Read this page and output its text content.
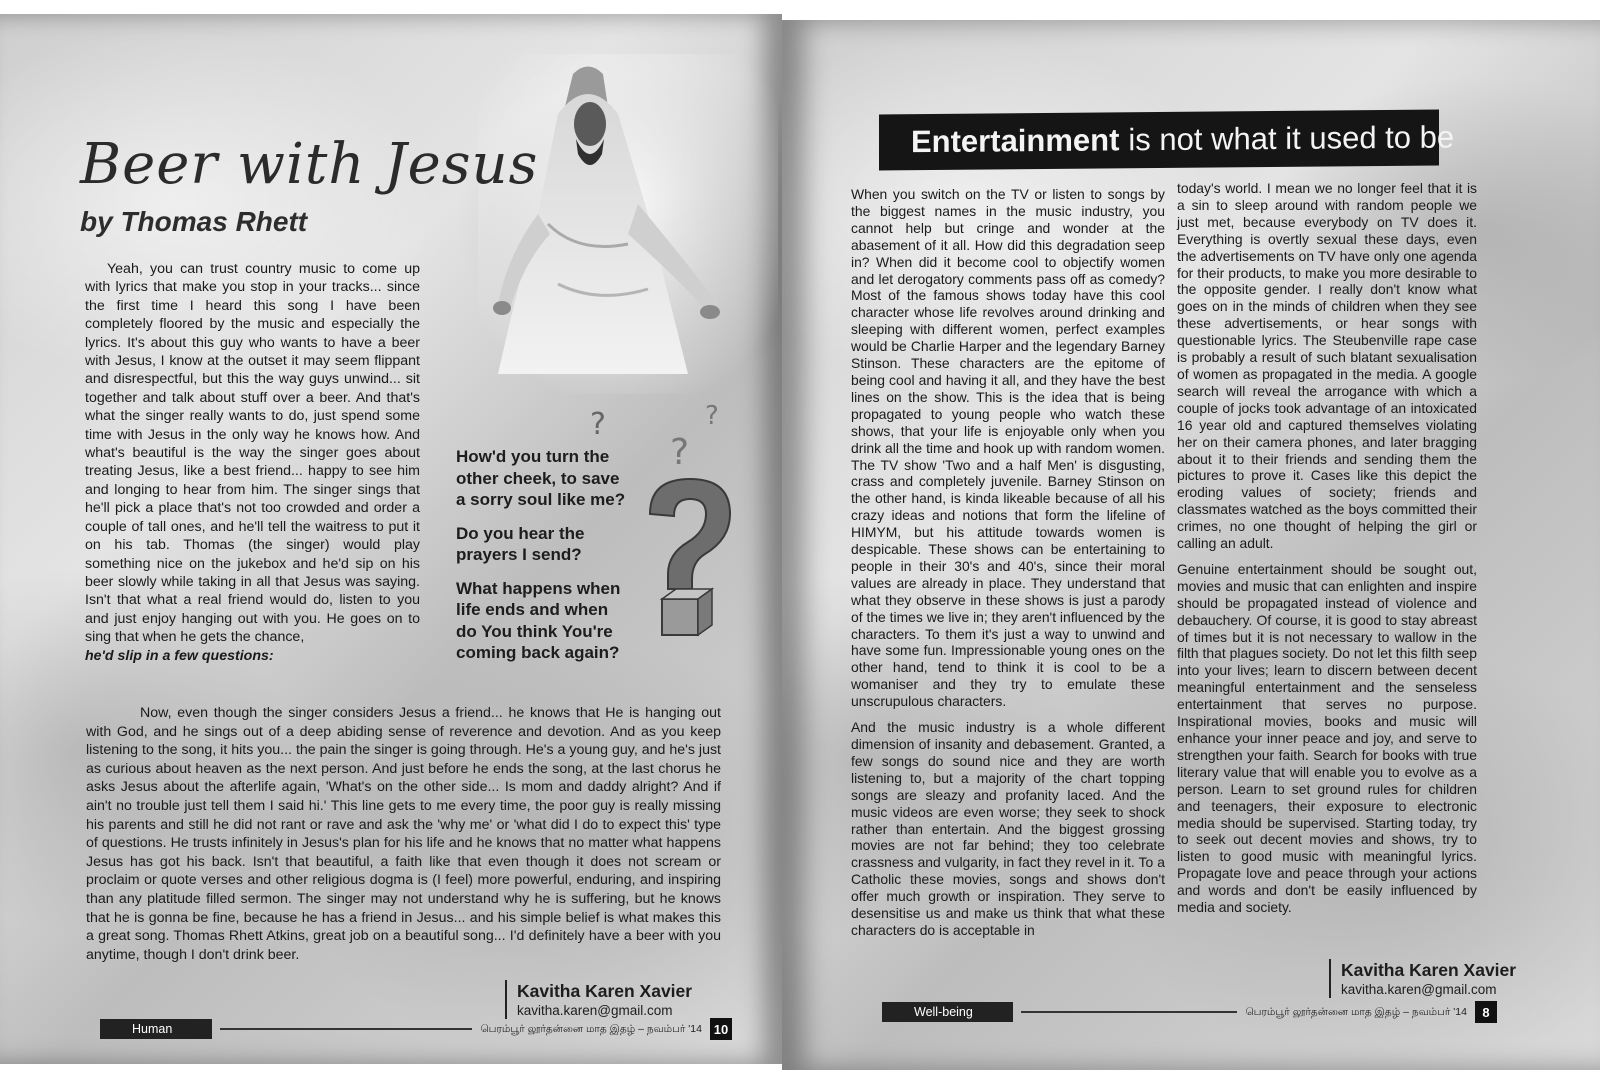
Beer with Jesus
by Thomas Rhett
Yeah, you can trust country music to come up with lyrics that make you stop in your tracks... since the first time I heard this song I have been completely floored by the music and especially the lyrics. It's about this guy who wants to have a beer with Jesus, I know at the outset it may seem flippant and disrespectful, but this the way guys unwind... sit together and talk about stuff over a beer. And that's what the singer really wants to do, just spend some time with Jesus in the only way he knows how. And what's beautiful is the way the singer goes about treating Jesus, like a best friend... happy to see him and longing to hear from him. The singer sings that he'll pick a place that's not too crowded and order a couple of tall ones, and he'll tell the waitress to put it on his tab. Thomas (the singer) would play something nice on the jukebox and he'd sip on his beer slowly while taking in all that Jesus was saying. Isn't that what a real friend would do, listen to you and just enjoy hanging out with you. He goes on to sing that when he gets the chance,
he'd slip in a few questions:

How'd you turn the other cheek, to save a sorry soul like me?

Do you hear the prayers I send?

What happens when life ends and when do You think You're coming back again?

?
?
?
Now, even though the singer considers Jesus a friend... he knows that He is hanging out with God, and he sings out of a deep abiding sense of reverence and devotion. And as you keep listening to the song, it hits you... the pain the singer is going through. He's a young guy, and he's just as curious about heaven as the next person. And just before he ends the song, at the last chorus he asks Jesus about the afterlife again, 'What's on the other side... Is mom and daddy alright? And if ain't no trouble just tell them I said hi.' This line gets to me every time, the poor guy is really missing his parents and still he did not rant or rave and ask the 'why me' or 'what did I do to expect this' type of questions. He trusts infinitely in Jesus's plan for his life and he knows that no matter what happens Jesus has got his back. Isn't that beautiful, a faith like that even though it does not scream or proclaim or quote verses and other religious dogma is (I feel) more powerful, enduring, and inspiring than any platitude filled sermon. The singer may not understand why he is suffering, but he knows that he is gonna be fine, because he has a friend in Jesus... and his simple belief is what makes this a great song. Thomas Rhett Atkins, great job on a beautiful song... I'd definitely have a beer with you anytime, though I don't drink beer.
Kavitha Karen Xavier
kavitha.karen@gmail.com
Human	பெரம்பூர் லூர்தன்னை மாத இதழ் – நவம்பர் '14 10
Entertainment is not what it used to be

When you switch on the TV or listen to songs by the biggest names in the music industry, you cannot help but cringe and wonder at the abasement of it all. How did this degradation seep in? When did it become cool to objectify women and let derogatory comments pass off as comedy? Most of the famous shows today have this cool character whose life revolves around drinking and sleeping with different women, perfect examples would be Charlie Harper and the legendary Barney Stinson. These characters are the epitome of being cool and having it all, and they have the best lines on the show. This is the idea that is being propagated to young people who watch these shows, that your life is enjoyable only when you drink all the time and hook up with random women. The TV show 'Two and a half Men' is disgusting, crass and completely juvenile. Barney Stinson on the other hand, is kinda likeable because of all his crazy ideas and notions that form the lifeline of HIMYM, but his attitude towards women is despicable. These shows can be entertaining to people in their 30's and 40's, since their moral values are already in place. They understand that what they observe in these shows is just a parody of the times we live in; they aren't influenced by the characters. To them it's just a way to unwind and have some fun. Impressionable young ones on the other hand, tend to think it is cool to be a womaniser and they try to emulate these unscrupulous characters.

And the music industry is a whole different dimension of insanity and debasement. Granted, a few songs do sound nice and they are worth listening to, but a majority of the chart topping songs are sleazy and profanity laced. And the music videos are even worse; they seek to shock rather than entertain. And the biggest grossing movies are not far behind; they too celebrate crassness and vulgarity, in fact they revel in it. To a Catholic these movies, songs and shows don't offer much growth or inspiration. They serve to desensitise us and make us think that what these characters do is acceptable in

today's world. I mean we no longer feel that it is a sin to sleep around with random people we just met, because everybody on TV does it. Everything is overtly sexual these days, even the advertisements on TV have only one agenda for their products, to make you more desirable to the opposite gender. I really don't know what goes on in the minds of children when they see these advertisements, or hear songs with questionable lyrics. The Steubenville rape case is probably a result of such blatant sexualisation of women as propagated in the media. A google search will reveal the arrogance with which a couple of jocks took advantage of an intoxicated 16 year old and captured themselves violating her on their camera phones, and later bragging about it to their friends and sending them the pictures to prove it. Cases like this depict the eroding values of society; friends and classmates watched as the boys committed their crimes, no one thought of helping the girl or calling an adult.

Genuine entertainment should be sought out, movies and music that can enlighten and inspire should be propagated instead of violence and debauchery. Of course, it is good to stay abreast of times but it is not necessary to wallow in the filth that plagues society. Do not let this filth seep into your lives; learn to discern between decent meaningful entertainment and the senseless entertainment that serves no purpose. Inspirational movies, books and music will enhance your inner peace and joy, and serve to strengthen your faith. Search for books with true literary value that will enable you to evolve as a person. Learn to set ground rules for children and teenagers, their exposure to electronic media should be supervised. Starting today, try to seek out decent movies and shows, try to listen to good music with meaningful lyrics. Propagate love and peace through your actions and words and don't be easily influenced by media and society.

Kavitha Karen Xavier
kavitha.karen@gmail.com
Well-being	பெரம்பூர் லூர்தன்னை மாத இதழ் – நவம்பர் '14	8
